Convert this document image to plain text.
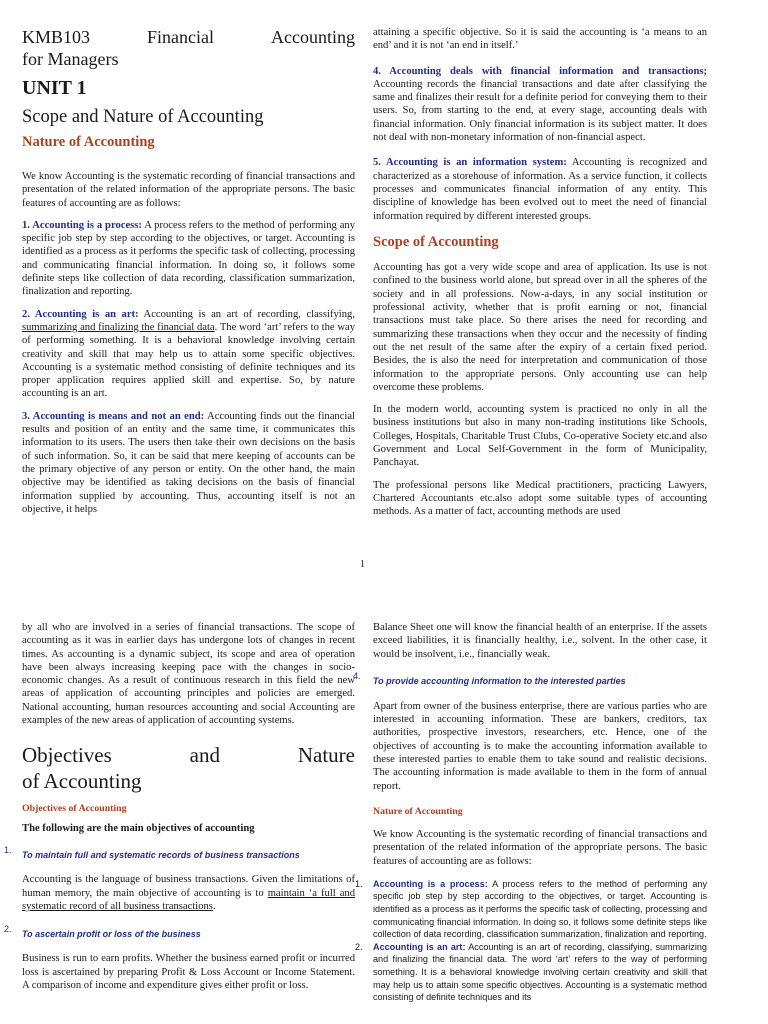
KMB103	Financial	Accounting
for Managers
UNIT 1
Scope and Nature of Accounting
Nature of Accounting

We know Accounting is the systematic recording of financial transactions and presentation of the related information of the appropriate persons. The basic features of accounting are as follows:

1. Accounting is a process: A process refers to the method of performing any specific job step by step according to the objectives, or target. Accounting is identified as a process as it performs the specific task of collecting, processing and communicating financial information. In doing so, it follows some definite steps like collection of data recording, classification summarization, finalization and reporting.

2. Accounting is an art: Accounting is an art of recording, classifying, summarizing and finalizing the financial data. The word ‘art’ refers to the way of performing something. It is a behavioral knowledge involving certain creativity and skill that may help us to attain some specific objectives. Accounting is a systematic method consisting of definite techniques and its proper application requires applied skill and expertise. So, by nature accounting is an art.

3. Accounting is means and not an end: Accounting finds out the financial results and position of an entity and the same time, it communicates this information to its users. The users then take their own decisions on the basis of such information. So, it can be said that mere keeping of accounts can be the primary objective of any person or entity. On the other hand, the main objective may be identified as taking decisions on the basis of financial information supplied by accounting. Thus, accounting itself is not an objective, it helps

attaining a specific objective. So it is said the accounting is ‘a means to an end’ and it is not ‘an end in itself.’

4. Accounting deals with financial information and transactions; Accounting records the financial transactions and date after classifying the same and finalizes their result for a definite period for conveying them to their users. So, from starting to the end, at every stage, accounting deals with financial information. Only financial information is its subject matter. It does not deal with non-monetary information of non-financial aspect.

5. Accounting is an information system: Accounting is recognized and characterized as a storehouse of information. As a service function, it collects processes and communicates financial information of any entity. This discipline of knowledge has been evolved out to meet the need of financial information required by different interested groups.

Scope of Accounting

Accounting has got a very wide scope and area of application. Its use is not confined to the business world alone, but spread over in all the spheres of the society and in all professions. Now-a-days, in any social institution or professional activity, whether that is profit earning or not, financial transactions must take place. So there arises the need for recording and summarizing these transactions when they occur and the necessity of finding out the net result of the same after the expiry of a certain fixed period. Besides, the is also the need for interpretation and communication of those information to the appropriate persons. Only accounting use can help overcome these problems.

In the modern world, accounting system is practiced no only in all the business institutions but also in many non-trading institutions like Schools, Colleges, Hospitals, Charitable Trust Clubs, Co-operative Society etc.and also Government and Local Self-Government in the form of Municipality, Panchayat.

The professional persons like Medical practitioners, practicing Lawyers, Chartered Accountants etc.also adopt some suitable types of accounting methods. As a matter of fact, accounting methods are used

1

by all who are involved in a series of financial transactions. The scope of accounting as it was in earlier days has undergone lots of changes in recent times. As accounting is a dynamic subject, its scope and area of operation have been always increasing keeping pace with the changes in socio-economic changes. As a result of continuous research in this field the new areas of application of accounting principles and policies are emerged. National accounting, human resources accounting and social Accounting are examples of the new areas of application of accounting systems.

Objectives	and	Nature
of Accounting
Objectives of Accounting

The following are the main objectives of accounting

1. To maintain full and systematic records of business transactions

Accounting is the language of business transactions. Given the limitations of human memory, the main objective of accounting is to maintain ‘a full and systematic record of all business transactions.

2. To ascertain profit or loss of the business

Business is run to earn profits. Whether the business earned profit or incurred loss is ascertained by preparing Profit & Loss Account or Income Statement. A comparison of income and expenditure gives either profit or loss.

Balance Sheet one will know the financial health of an enterprise. If the assets exceed liabilities, it is financially healthy, i.e., solvent. In the other case, it would be insolvent, i.e., financially weak.

4. To provide accounting information to the interested parties

Apart from owner of the business enterprise, there are various parties who are interested in accounting information. These are bankers, creditors, tax authorities, prospective investors, researchers, etc. Hence, one of the objectives of accounting is to make the accounting information available to these interested parties to enable them to take sound and realistic decisions. The accounting information is made available to them in the form of annual report.

Nature of Accounting

We know Accounting is the systematic recording of financial transactions and presentation of the related information of the appropriate persons. The basic features of accounting are as follows:

1. Accounting is a process: A process refers to the method of performing any specific job step by step according to the objectives, or target. Accounting is identified as a process as it performs the specific task of collecting, processing and communicating financial information. In doing so, it follows some definite steps like collection of data recording, classification summarization, finalization and reporting.
2. Accounting is an art: Accounting is an art of recording, classifying, summarizing and finalizing the financial data. The word ‘art’ refers to the way of performing something. It is a behavioral knowledge involving certain creativity and skill that may help us to attain some specific objectives. Accounting is a systematic method consisting of definite techniques and its
